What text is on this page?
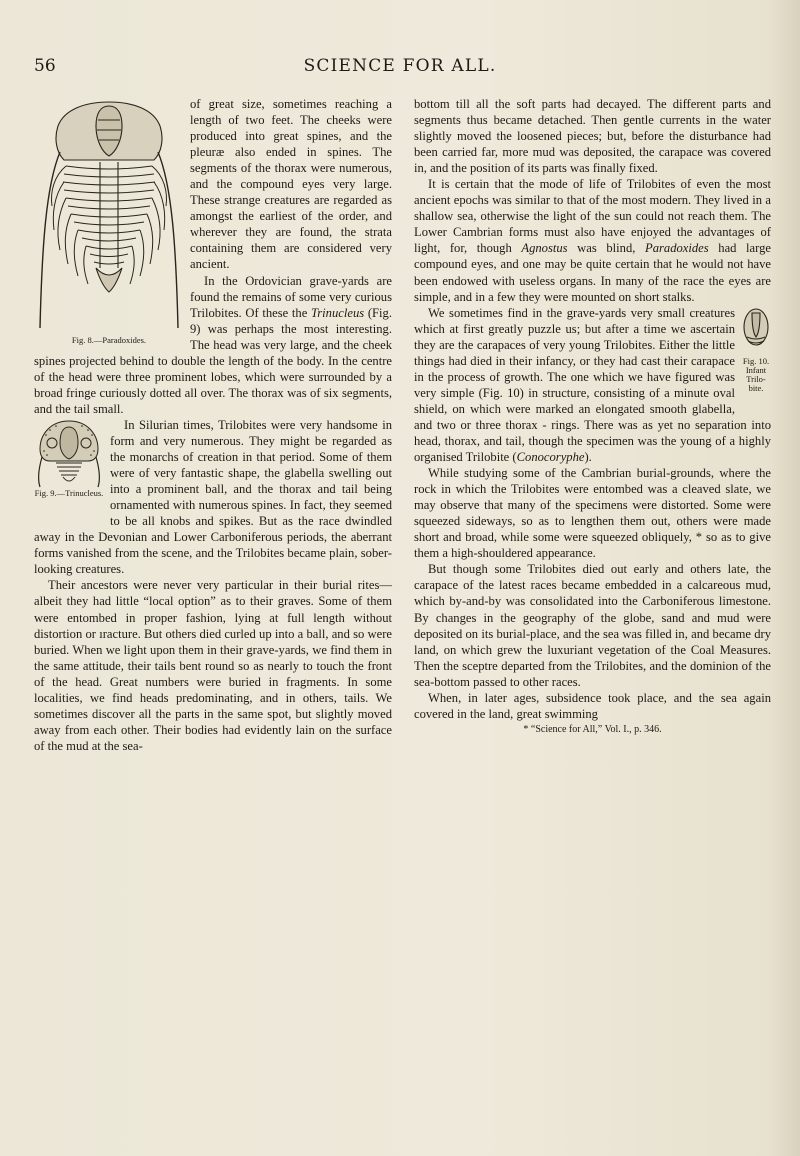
56	SCIENCE FOR ALL.
Fig. 8.—Paradoxides.

of great size, sometimes reaching a length of two feet. The cheeks were produced into great spines, and the pleuræ also ended in spines. The segments of the thorax were numerous, and the compound eyes very large. These strange creatures are regarded as amongst the earliest of the order, and wherever they are found, the strata containing them are considered very ancient.

In the Ordovician grave-yards are found the remains of some very curious Trilobites. Of these the Trinucleus (Fig. 9) was perhaps the most interesting. The head was very large, and the cheek spines projected behind to double the length of the body. In the centre of the head were three prominent lobes, which were surrounded by a broad fringe curiously dotted all over. The thorax was of six segments, and the tail small.

Fig. 9.—Trinucleus.

In Silurian times, Trilobites were very handsome in form and very numerous. They might be regarded as the monarchs of creation in that period. Some of them were of very fantastic shape, the glabella swelling out into a prominent ball, and the thorax and tail being ornamented with numerous spines. In fact, they seemed to be all knobs and spikes. But as the race dwindled away in the Devonian and Lower Carboniferous periods, the aberrant forms vanished from the scene, and the Trilobites became plain, sober-looking creatures.

Their ancestors were never very particular in their burial rites—albeit they had little “local option” as to their graves. Some of them were entombed in proper fashion, lying at full length without distortion or ıracture. But others died curled up into a ball, and so were buried. When we light upon them in their grave-yards, we find them in the same attitude, their tails bent round so as nearly to touch the front of the head. Great numbers were buried in fragments. In some localities, we find heads predominating, and in others, tails. We sometimes discover all the parts in the same spot, but slightly moved away from each other. Their bodies had evidently lain on the surface of the mud at the sea-

bottom till all the soft parts had decayed. The different parts and segments thus became detached. Then gentle currents in the water slightly moved the loosened pieces; but, before the disturbance had been carried far, more mud was deposited, the carapace was covered in, and the position of its parts was finally fixed.

It is certain that the mode of life of Trilobites of even the most ancient epochs was similar to that of the most modern. They lived in a shallow sea, otherwise the light of the sun could not reach them. The Lower Cambrian forms must also have enjoyed the advantages of light, for, though Agnostus was blind, Paradoxides had large compound eyes, and one may be quite certain that he would not have been endowed with useless organs. In many of the race the eyes are simple, and in a few they were mounted on short stalks.

Fig. 10. Infant Trilo-bite.

We sometimes find in the grave-yards very small creatures which at first greatly puzzle us; but after a time we ascertain they are the carapaces of very young Trilobites. Either the little things had died in their infancy, or they had cast their carapace in the process of growth. The one which we have figured was very simple (Fig. 10) in structure, consisting of a minute oval shield, on which were marked an elongated smooth glabella, and two or three thorax - rings. There was as yet no separation into head, thorax, and tail, though the specimen was the young of a highly organised Trilobite (Conocoryphe).

While studying some of the Cambrian burial-grounds, where the rock in which the Trilobites were entombed was a cleaved slate, we may observe that many of the specimens were distorted. Some were squeezed sideways, so as to lengthen them out, others were made short and broad, while some were squeezed obliquely, * so as to give them a high-shouldered appearance.

But though some Trilobites died out early and others late, the carapace of the latest races became embedded in a calcareous mud, which by-and-by was consolidated into the Carboniferous limestone. By changes in the geography of the globe, sand and mud were deposited on its burial-place, and the sea was filled in, and became dry land, on which grew the luxuriant vegetation of the Coal Measures. Then the sceptre departed from the Trilobites, and the dominion of the sea-bottom passed to other races.

When, in later ages, subsidence took place, and the sea again covered in the land, great swimming

* “Science for All,” Vol. I., p. 346.
